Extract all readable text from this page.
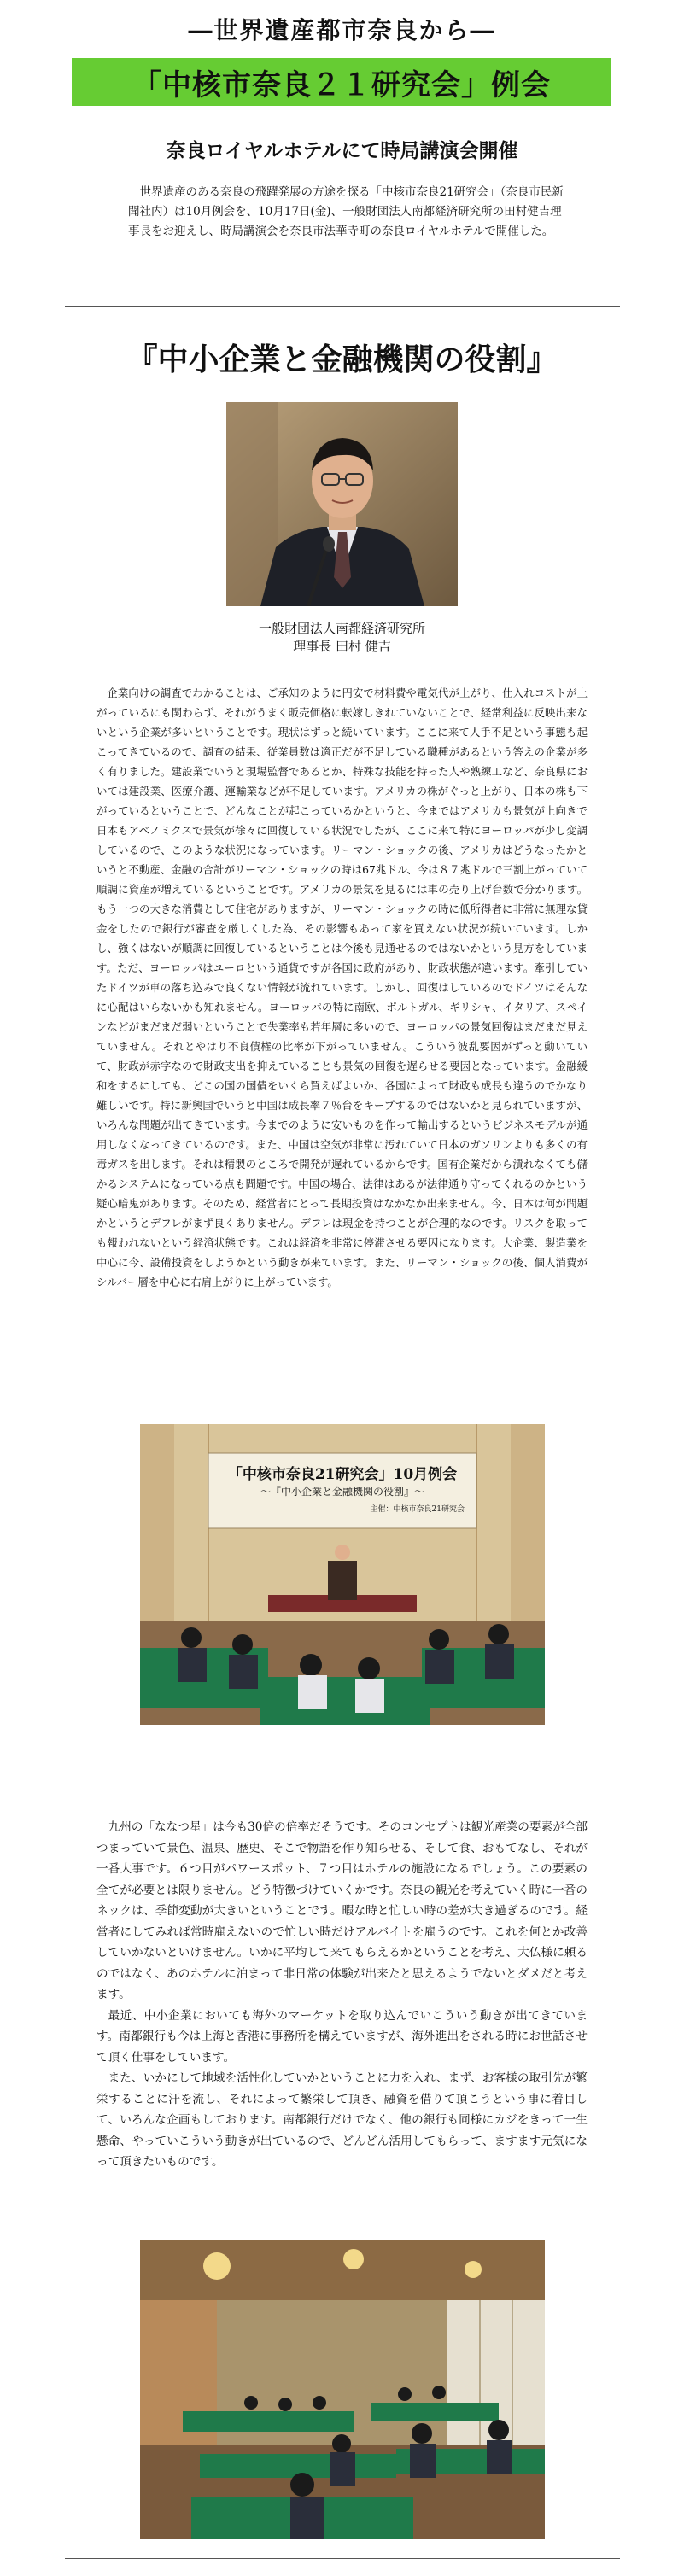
―世界遺産都市奈良から―
「中核市奈良２１研究会」例会
奈良ロイヤルホテルにて時局講演会開催
世界遺産のある奈良の飛躍発展の方途を探る「中核市奈良21研究会」（奈良市民新聞社内）は10月例会を、10月17日(金)、一般財団法人南都経済研究所の田村健吉理事長をお迎えし、時局講演会を奈良市法華寺町の奈良ロイヤルホテルで開催した。
『中小企業と金融機関の役割』
一般財団法人南都経済研究所
理事長 田村 健吉

企業向けの調査でわかることは、ご承知のように円安で材料費や電気代が上がり、仕入れコストが上がっているにも関わらず、それがうまく販売価格に転嫁しきれていないことで、経常利益に反映出来ないという企業が多いということです。現状はずっと続いています。ここに来て人手不足という事態も起こってきているので、調査の結果、従業員数は適正だが不足している職種があるという答えの企業が多く有りました。建設業でいうと現場監督であるとか、特殊な技能を持った人や熟練工など、奈良県においては建設業、医療介護、運輸業などが不足しています。アメリカの株がぐっと上がり、日本の株も下がっているということで、どんなことが起こっているかというと、今まではアメリカも景気が上向きで日本もアベノミクスで景気が徐々に回復している状況でしたが、ここに来て特にヨーロッパが少し変調しているので、このような状況になっています。リーマン・ショックの後、アメリカはどうなったかというと不動産、金融の合計がリーマン・ショックの時は67兆ドル、今は８７兆ドルで三割上がっていて順調に資産が増えているということです。アメリカの景気を見るには車の売り上げ台数で分かります。もう一つの大きな消費として住宅がありますが、リーマン・ショックの時に低所得者に非常に無理な貸金をしたので銀行が審査を厳しくした為、その影響もあって家を買えない状況が続いています。しかし、強くはないが順調に回復しているということは今後も見通せるのではないかという見方をしています。ただ、ヨーロッパはユーロという通貨ですが各国に政府があり、財政状態が違います。牽引していたドイツが車の落ち込みで良くない情報が流れています。しかし、回復はしているのでドイツはそんなに心配はいらないかも知れません。ヨーロッパの特に南欧、ポルトガル、ギリシャ、イタリア、スペインなどがまだまだ弱いということで失業率も若年層に多いので、ヨーロッパの景気回復はまだまだ見えていません。それとやはり不良債権の比率が下がっていません。こういう波乱要因がずっと動いていて、財政が赤字なので財政支出を抑えていることも景気の回復を遅らせる要因となっています。金融緩和をするにしても、どこの国の国債をいくら買えばよいか、各国によって財政も成長も違うのでかなり難しいです。特に新興国でいうと中国は成長率７％台をキープするのではないかと見られていますが、いろんな問題が出てきています。今までのように安いものを作って輸出するというビジネスモデルが通用しなくなってきているのです。また、中国は空気が非常に汚れていて日本のガソリンよりも多くの有毒ガスを出します。それは精製のところで開発が遅れているからです。国有企業だから潰れなくても儲かるシステムになっている点も問題です。中国の場合、法律はあるが法律通り守ってくれるのかという疑心暗鬼があります。そのため、経営者にとって長期投資はなかなか出来ません。今、日本は何が問題かというとデフレがまず良くありません。デフレは現金を持つことが合理的なのです。リスクを取っても報われないという経済状態です。これは経済を非常に停滞させる要因になります。大企業、製造業を中心に今、設備投資をしようかという動きが来ています。また、リーマン・ショックの後、個人消費がシルバー層を中心に右肩上がりに上がっています。

「中核市奈良21研究会」10月例会
～『中小企業と金融機関の役割』～
主催：中核市奈良21研究会

九州の「ななつ星」は今も30倍の倍率だそうです。そのコンセプトは観光産業の要素が全部つまっていて景色、温泉、歴史、そこで物語を作り知らせる、そして食、おもてなし、それが一番大事です。６つ目がパワースポット、７つ目はホテルの施設になるでしょう。この要素の全てが必要とは限りません。どう特徴づけていくかです。奈良の観光を考えていく時に一番のネックは、季節変動が大きいということです。暇な時と忙しい時の差が大き過ぎるのです。経営者にしてみれば常時雇えないので忙しい時だけアルバイトを雇うのです。これを何とか改善していかないといけません。いかに平均して来てもらえるかということを考え、大仏様に頼るのではなく、あのホテルに泊まって非日常の体験が出来たと思えるようでないとダメだと考えます。

最近、中小企業においても海外のマーケットを取り込んでいこういう動きが出てきています。南都銀行も今は上海と香港に事務所を構えていますが、海外進出をされる時にお世話させて頂く仕事をしています。

また、いかにして地域を活性化していかということに力を入れ、まず、お客様の取引先が繁栄することに汗を流し、それによって繁栄して頂き、融資を借りて頂こうという事に着目して、いろんな企画もしております。南都銀行だけでなく、他の銀行も同様にカジをきって一生懸命、やっていこういう動きが出ているので、どんどん活用してもらって、ますます元気になって頂きたいものです。
